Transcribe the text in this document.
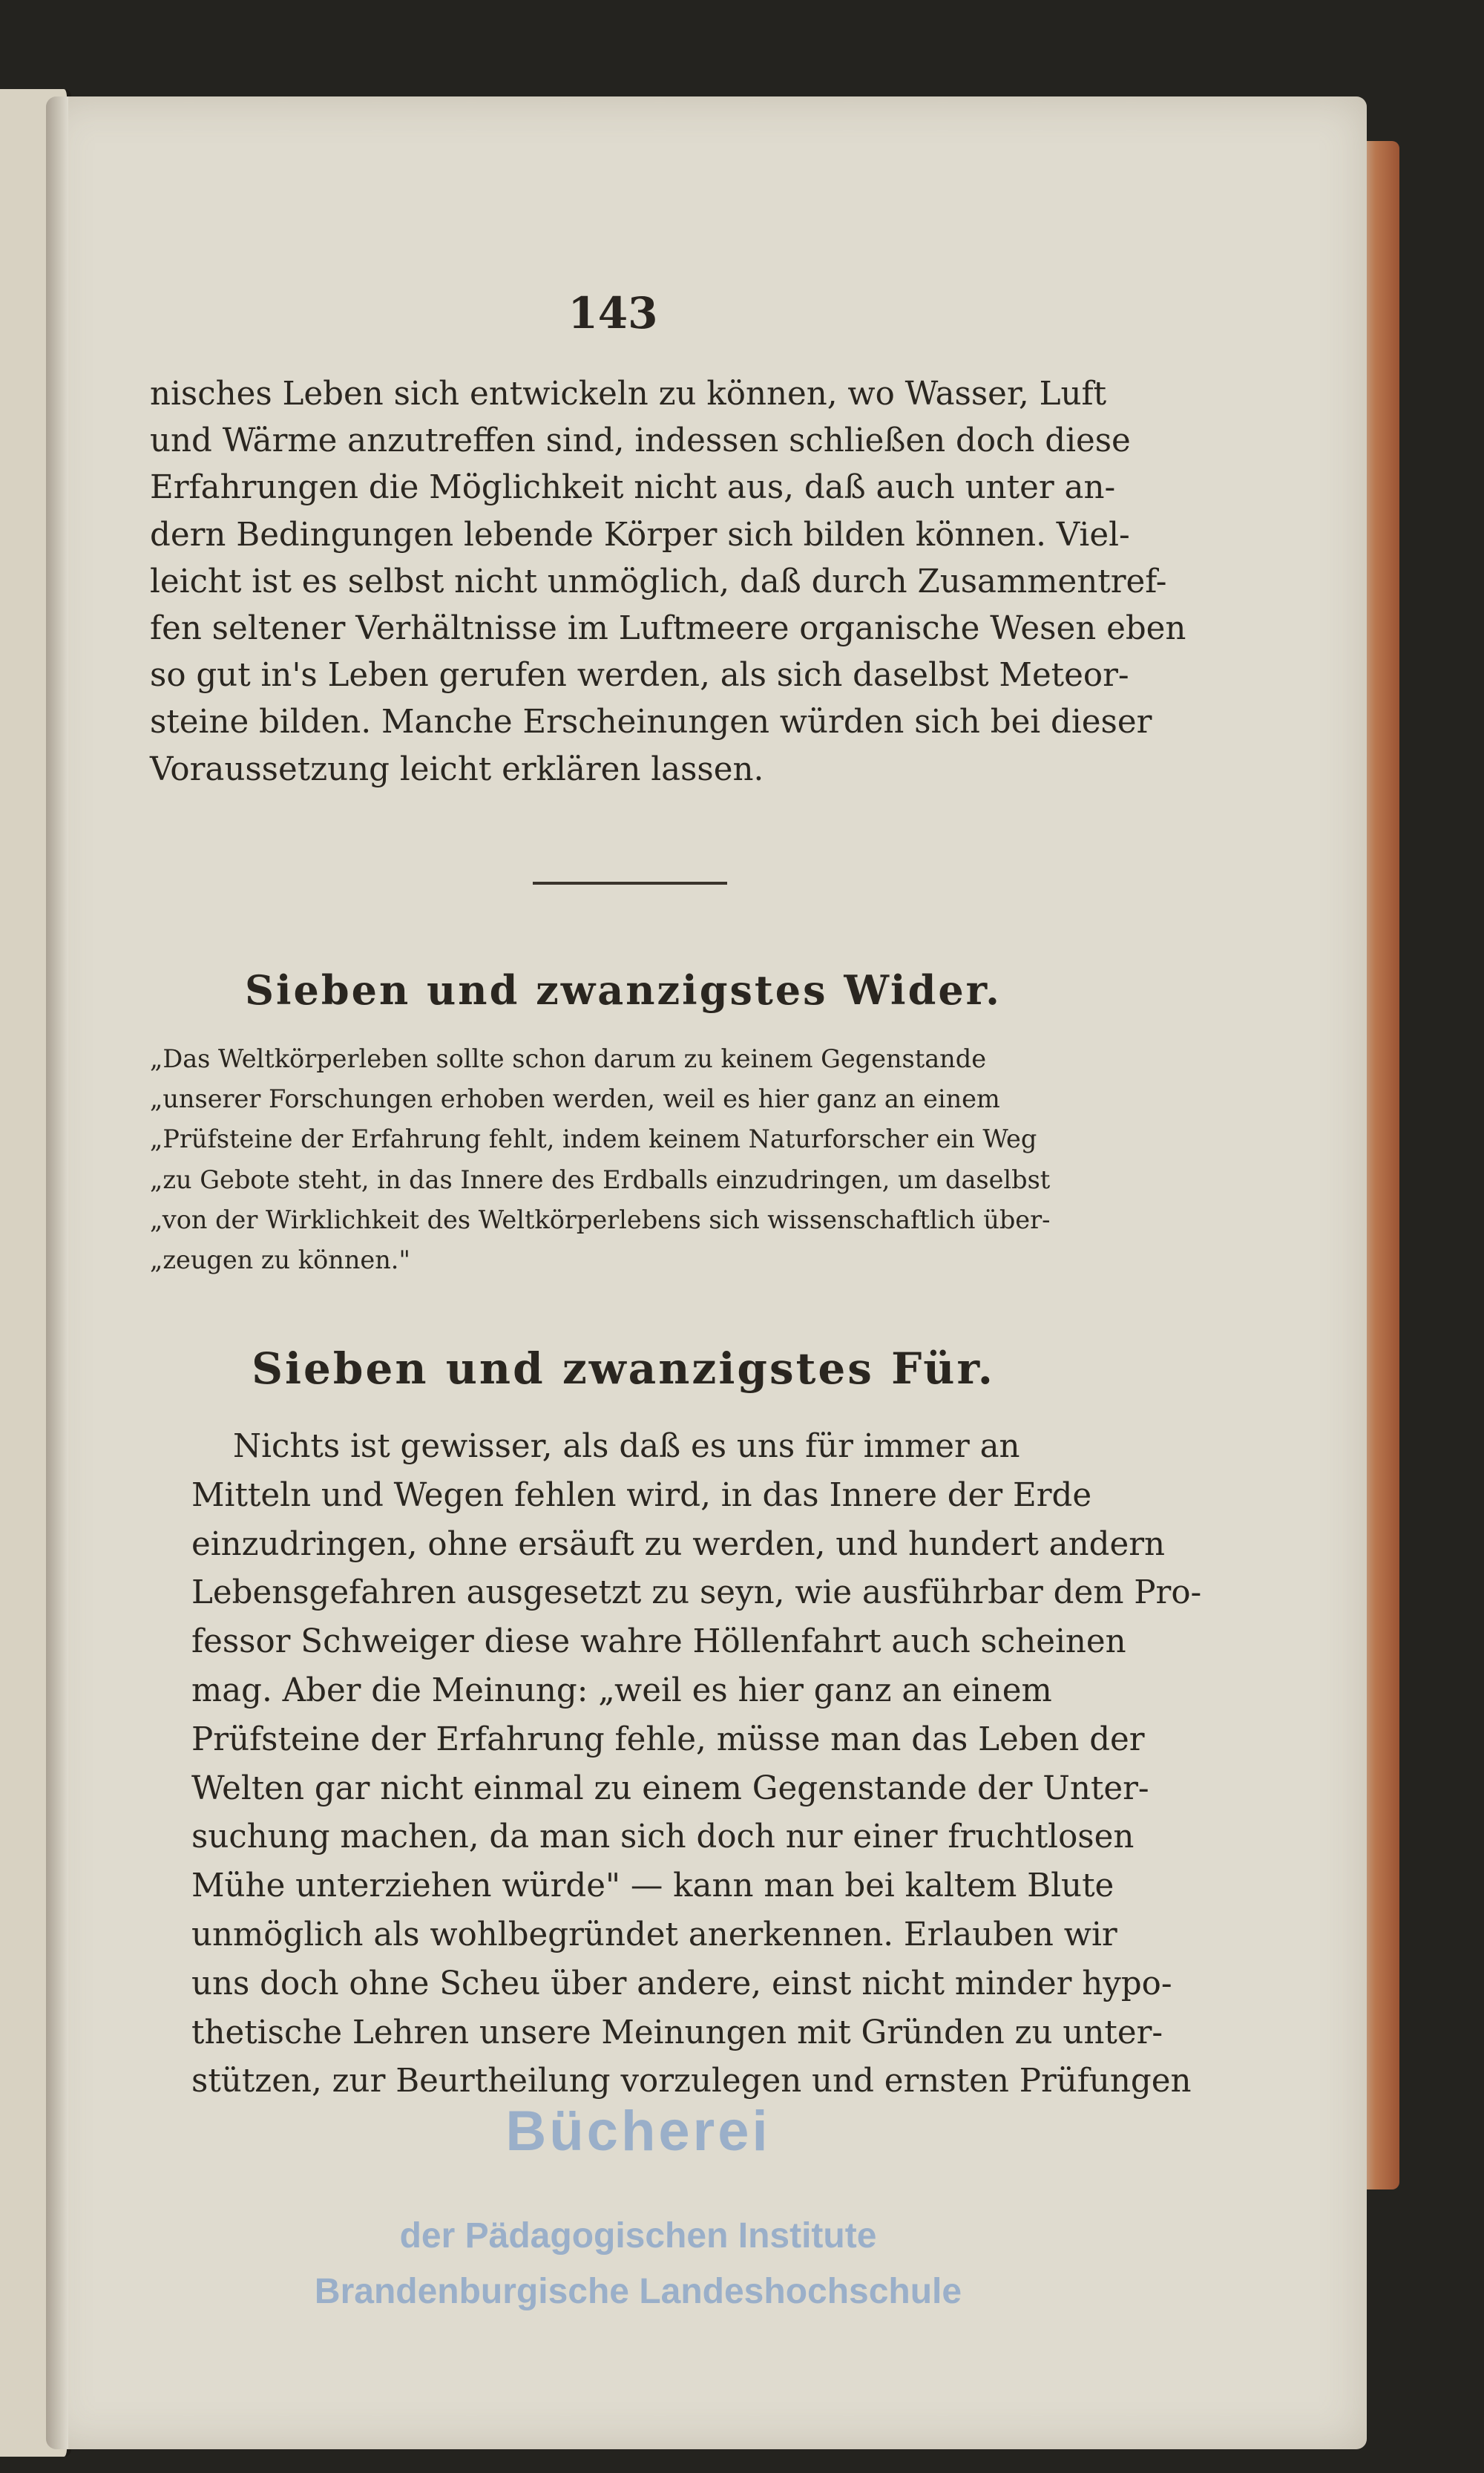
143
nisches Leben sich entwickeln zu können, wo Wasser, Luft
und Wärme anzutreffen sind, indessen schließen doch diese
Erfahrungen die Möglichkeit nicht aus, daß auch unter an-
dern Bedingungen lebende Körper sich bilden können. Viel-
leicht ist es selbst nicht unmöglich, daß durch Zusammentref-
fen seltener Verhältnisse im Luftmeere organische Wesen eben
so gut in's Leben gerufen werden, als sich daselbst Meteor-
steine bilden. Manche Erscheinungen würden sich bei dieser
Voraussetzung leicht erklären lassen.
Sieben und zwanzigstes Wider.
„Das Weltkörperleben sollte schon darum zu keinem Gegenstande
„unserer Forschungen erhoben werden, weil es hier ganz an einem
„Prüfsteine der Erfahrung fehlt, indem keinem Naturforscher ein Weg
„zu Gebote steht, in das Innere des Erdballs einzudringen, um daselbst
„von der Wirklichkeit des Weltkörperlebens sich wissenschaftlich über-
„zeugen zu können."
Sieben und zwanzigstes Für.
Nichts ist gewisser, als daß es uns für immer an
Mitteln und Wegen fehlen wird, in das Innere der Erde
einzudringen, ohne ersäuft zu werden, und hundert andern
Lebensgefahren ausgesetzt zu seyn, wie ausführbar dem Pro-
fessor Schweiger diese wahre Höllenfahrt auch scheinen
mag. Aber die Meinung: „weil es hier ganz an einem
Prüfsteine der Erfahrung fehle, müsse man das Leben der
Welten gar nicht einmal zu einem Gegenstande der Unter-
suchung machen, da man sich doch nur einer fruchtlosen
Mühe unterziehen würde" — kann man bei kaltem Blute
unmöglich als wohlbegründet anerkennen. Erlauben wir
uns doch ohne Scheu über andere, einst nicht minder hypo-
thetische Lehren unsere Meinungen mit Gründen zu unter-
stützen, zur Beurtheilung vorzulegen und ernsten Prüfungen
Bücherei
der Pädagogischen Institute
Brandenburgische Landeshochschule
